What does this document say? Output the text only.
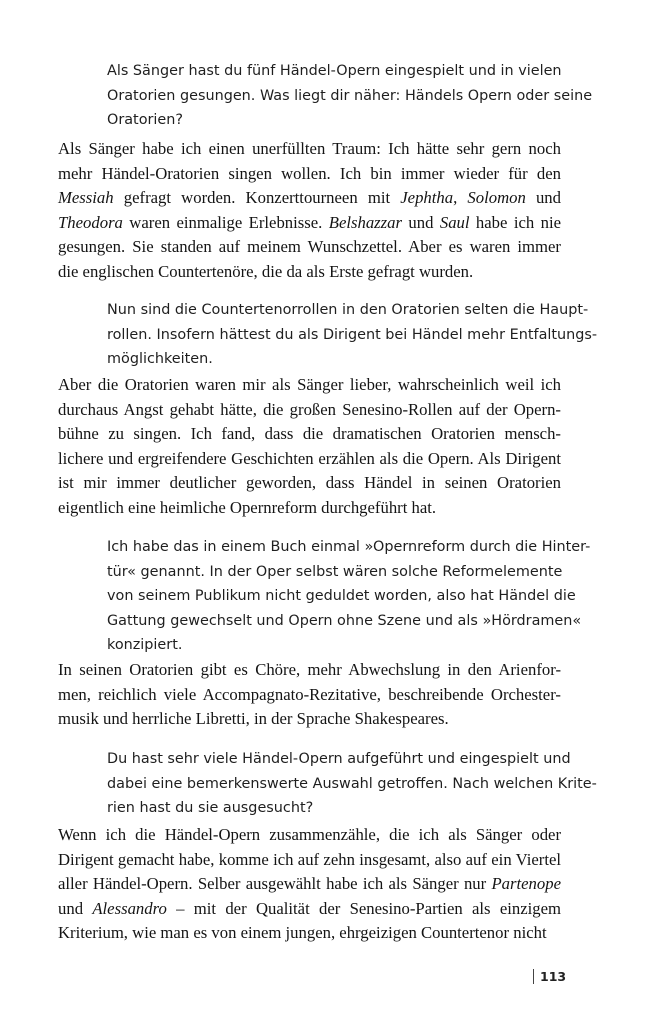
Als Sänger hast du fünf Händel-Opern eingespielt und in vielen
Oratorien gesungen. Was liegt dir näher: Händels Opern oder seine
Oratorien?
Als Sänger habe ich einen unerfüllten Traum: Ich hätte sehr gern noch
mehr Händel-Oratorien singen wollen. Ich bin immer wieder für den
Messiah gefragt worden. Konzerttourneen mit Jephtha, Solomon und
Theodora waren einmalige Erlebnisse. Belshazzar und Saul habe ich nie
gesungen. Sie standen auf meinem Wunschzettel. Aber es waren immer
die englischen Countertenöre, die da als Erste gefragt wurden.
Nun sind die Countertenorrollen in den Oratorien selten die Haupt-
rollen. Insofern hättest du als Dirigent bei Händel mehr Entfaltungs-
möglichkeiten.
Aber die Oratorien waren mir als Sänger lieber, wahrscheinlich weil ich
durchaus Angst gehabt hätte, die großen Senesino-Rollen auf der Opern-
bühne zu singen. Ich fand, dass die dramatischen Oratorien mensch-
lichere und ergreifendere Geschichten erzählen als die Opern. Als Dirigent
ist mir immer deutlicher geworden, dass Händel in seinen Oratorien
eigentlich eine heimliche Opernreform durchgeführt hat.
Ich habe das in einem Buch einmal »Opernreform durch die Hinter-
tür« genannt. In der Oper selbst wären solche Reformelemente
von seinem Publikum nicht geduldet worden, also hat Händel die
Gattung gewechselt und Opern ohne Szene und als »Hördramen«
konzipiert.
In seinen Oratorien gibt es Chöre, mehr Abwechslung in den Arienfor-
men, reichlich viele Accompagnato-Rezitative, beschreibende Orchester-
musik und herrliche Libretti, in der Sprache Shakespeares.
Du hast sehr viele Händel-Opern aufgeführt und eingespielt und
dabei eine bemerkenswerte Auswahl getroffen. Nach welchen Krite-
rien hast du sie ausgesucht?
Wenn ich die Händel-Opern zusammenzähle, die ich als Sänger oder
Dirigent gemacht habe, komme ich auf zehn insgesamt, also auf ein Viertel
aller Händel-Opern. Selber ausgewählt habe ich als Sänger nur Partenope
und Alessandro – mit der Qualität der Senesino-Partien als einzigem
Kriterium, wie man es von einem jungen, ehrgeizigen Countertenor nicht
113
